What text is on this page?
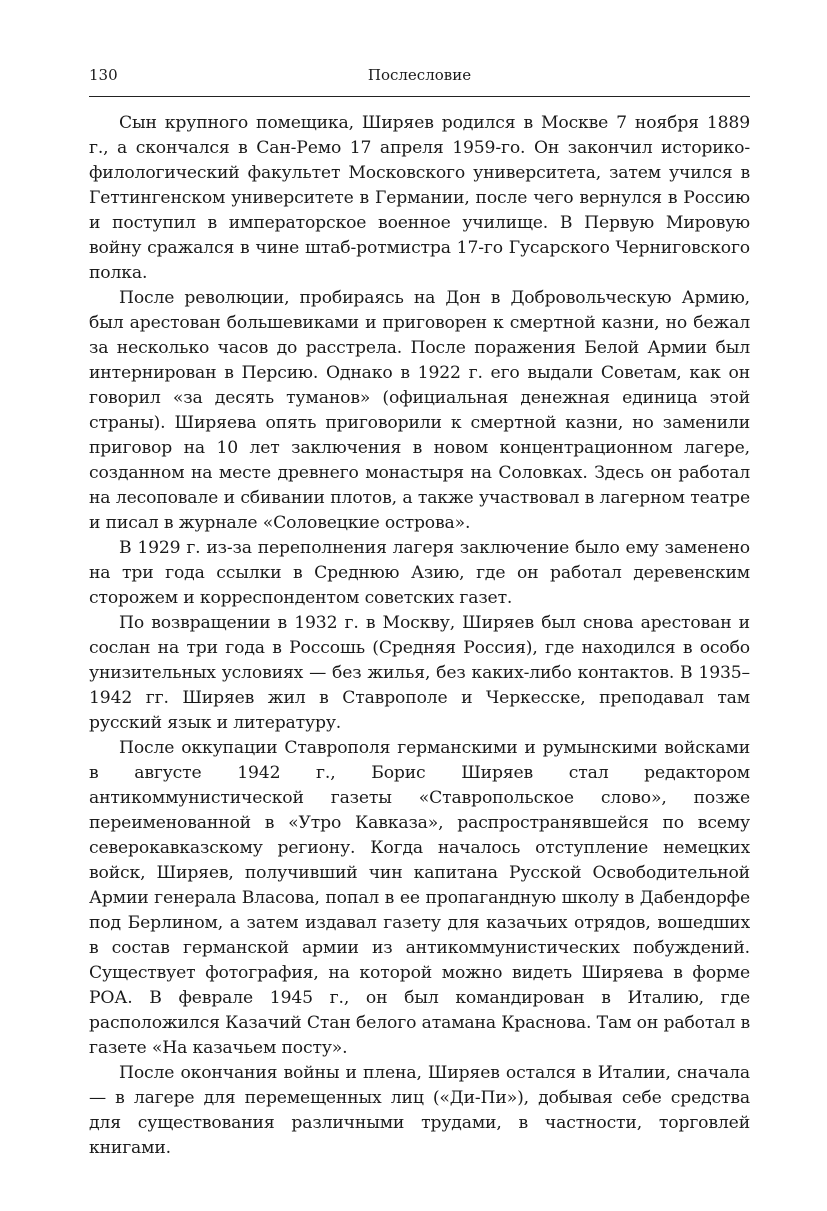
130	Послесловие

Сын крупного помещика, Ширяев родился в Москве 7 ноября 1889 г., а скончался в Сан-Ремо 17 апреля 1959-го. Он закончил историко-филологический факультет Московского университета, затем учился в Геттингенском университете в Германии, после чего вернулся в Россию и поступил в императорское военное училище. В Первую Мировую войну сражался в чине штаб-ротмистра 17-го Гусарского Черниговского полка.

После революции, пробираясь на Дон в Добровольческую Армию, был арестован большевиками и приговорен к смертной казни, но бежал за несколько часов до расстрела. После поражения Белой Армии был интернирован в Персию. Однако в 1922 г. его выдали Советам, как он говорил «за десять туманов» (официальная денежная единица этой страны). Ширяева опять приговорили к смертной казни, но заменили приговор на 10 лет заключения в новом концентрационном лагере, созданном на месте древнего монастыря на Соловках. Здесь он работал на лесоповале и сбивании плотов, а также участвовал в лагерном театре и писал в журнале «Соловецкие острова».

В 1929 г. из-за переполнения лагеря заключение было ему заменено на три года ссылки в Среднюю Азию, где он работал деревенским сторожем и корреспондентом советских газет.

По возвращении в 1932 г. в Москву, Ширяев был снова арестован и сослан на три года в Россошь (Средняя Россия), где находился в особо унизительных условиях — без жилья, без каких-либо контактов. В 1935–1942 гг. Ширяев жил в Ставрополе и Черкесске, преподавал там русский язык и литературу.

После оккупации Ставрополя германскими и румынскими войсками в августе 1942 г., Борис Ширяев стал редактором антикоммунистической газеты «Ставропольское слово», позже переименованной в «Утро Кавказа», распространявшейся по всему северокавказскому региону. Когда началось отступление немецких войск, Ширяев, получивший чин капитана Русской Освободительной Армии генерала Власова, попал в ее пропагандную школу в Дабендорфе под Берлином, а затем издавал газету для казачьих отрядов, вошедших в состав германской армии из антикоммунистических побуждений. Существует фотография, на которой можно видеть Ширяева в форме РОА. В феврале 1945 г., он был командирован в Италию, где расположился Казачий Стан белого атамана Краснова. Там он работал в газете «На казачьем посту».

После окончания войны и плена, Ширяев остался в Италии, сначала — в лагере для перемещенных лиц («Ди-Пи»), добывая себе средства для существования различными трудами, в частности, торговлей книгами.
